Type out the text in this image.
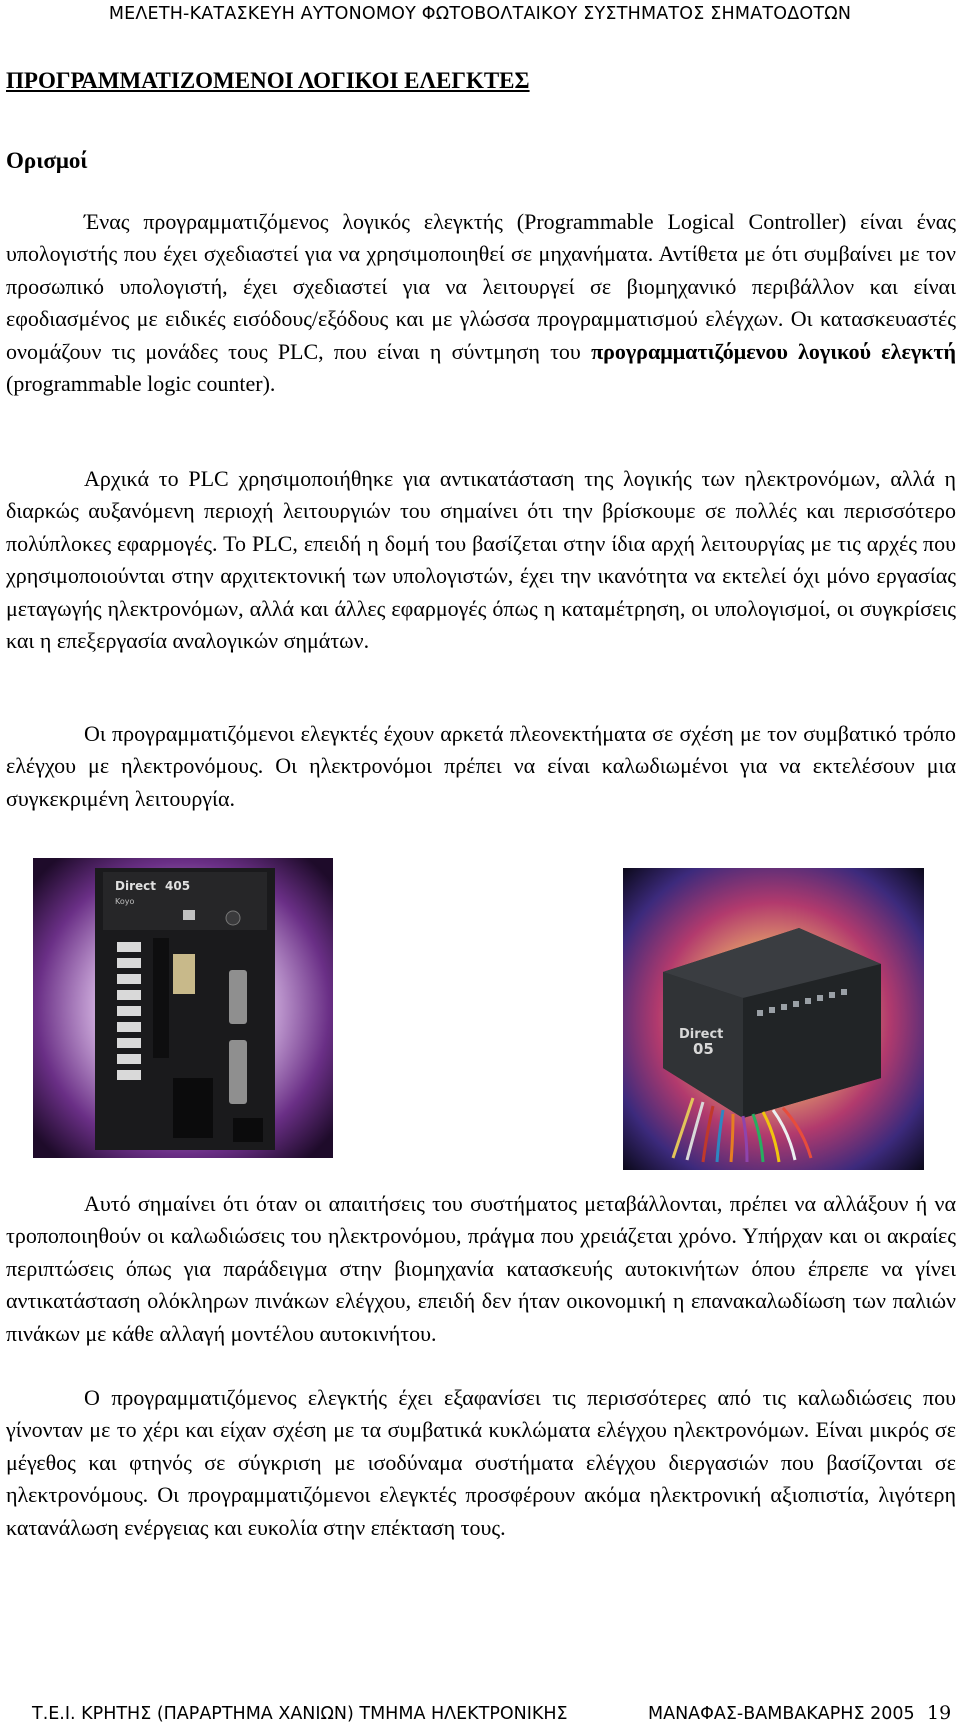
ΜΕΛΕΤΗ-ΚΑΤΑΣΚΕΥΗ ΑΥΤΟΝΟΜΟΥ ΦΩΤΟΒΟΛΤΑΙΚΟΥ ΣΥΣΤΗΜΑΤΟΣ ΣΗΜΑΤΟΔΟΤΩΝ
ΠΡΟΓΡΑΜΜΑΤΙΖΟΜΕΝΟΙ ΛΟΓΙΚΟΙ ΕΛΕΓΚΤΕΣ
Ορισμοί

Ένας προγραμματιζόμενος λογικός ελεγκτής (Programmable Logical Controller) είναι ένας υπολογιστής που έχει σχεδιαστεί για να χρησιμοποιηθεί σε μηχανήματα. Αντίθετα με ότι συμβαίνει με τον προσωπικό υπολογιστή, έχει σχεδιαστεί για να λειτουργεί σε βιομηχανικό περιβάλλον και είναι εφοδιασμένος με ειδικές εισόδους/εξόδους και με γλώσσα προγραμματισμού ελέγχων. Οι κατασκευαστές ονομάζουν τις μονάδες τους PLC, που είναι η σύντμηση του προγραμματιζόμενου λογικού ελεγκτή (programmable logic counter).

Αρχικά το PLC χρησιμοποιήθηκε για αντικατάσταση της λογικής των ηλεκτρονόμων, αλλά η διαρκώς αυξανόμενη περιοχή λειτουργιών του σημαίνει ότι την βρίσκουμε σε πολλές και περισσότερο πολύπλοκες εφαρμογές. Το PLC, επειδή η δομή του βασίζεται στην ίδια αρχή λειτουργίας με τις αρχές που χρησιμοποιούνται στην αρχιτεκτονική των υπολογιστών, έχει την ικανότητα να εκτελεί όχι μόνο εργασίας μεταγωγής ηλεκτρονόμων, αλλά και άλλες εφαρμογές όπως η καταμέτρηση, οι υπολογισμοί, οι συγκρίσεις και η επεξεργασία αναλογικών σημάτων.

Οι προγραμματιζόμενοι ελεγκτές έχουν αρκετά πλεονεκτήματα σε σχέση με τον συμβατικό τρόπο ελέγχου με ηλεκτρονόμους. Οι ηλεκτρονόμοι πρέπει να είναι καλωδιωμένοι για να εκτελέσουν μια συγκεκριμένη λειτουργία.

Αυτό σημαίνει ότι όταν οι απαιτήσεις του συστήματος μεταβάλλονται, πρέπει να αλλάξουν ή να τροποποιηθούν οι καλωδιώσεις του ηλεκτρονόμου, πράγμα που χρειάζεται χρόνο. Υπήρχαν και οι ακραίες περιπτώσεις όπως για παράδειγμα στην βιομηχανία κατασκευής αυτοκινήτων όπου έπρεπε να γίνει αντικατάσταση ολόκληρων πινάκων ελέγχου, επειδή δεν ήταν οικονομική η επανακαλωδίωση των παλιών πινάκων με κάθε αλλαγή μοντέλου αυτοκινήτου.

Ο προγραμματιζόμενος ελεγκτής έχει εξαφανίσει τις περισσότερες από τις καλωδιώσεις που γίνονταν με το χέρι και είχαν σχέση με τα συμβατικά κυκλώματα ελέγχου ηλεκτρονόμων. Είναι μικρός σε μέγεθος και φτηνός σε σύγκριση με ισοδύναμα συστήματα ελέγχου διεργασιών που βασίζονται σε ηλεκτρονόμους. Οι προγραμματιζόμενοι ελεγκτές προσφέρουν ακόμα ηλεκτρονική αξιοπιστία, λιγότερη κατανάλωση ενέργειας και ευκολία στην επέκταση τους.

Direct 405
Koyo
Direct
05
Τ.Ε.Ι. ΚΡΗΤΗΣ (ΠΑΡΑΡΤΗΜΑ ΧΑΝΙΩΝ) ΤΜΗΜΑ ΗΛΕΚΤΡΟΝΙΚΗΣ	ΜΑΝΑΦΑΣ-ΒΑΜΒΑΚΑΡΗΣ 2005 19
